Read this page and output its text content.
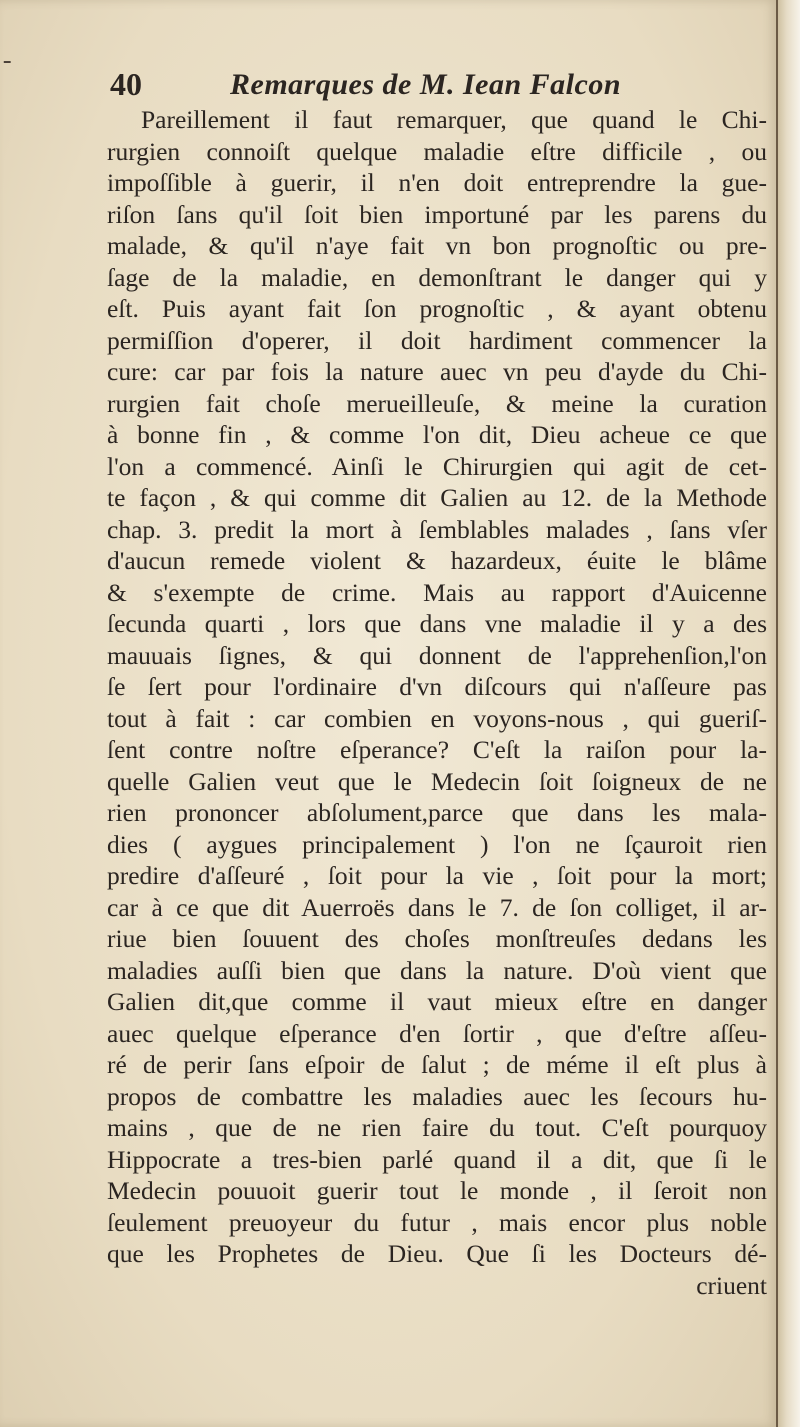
ـ
40	Remarques de M. Iean Falcon
Pareillement il faut remarquer, que quand le Chi-
rurgien connoiſt quelque maladie eſtre difficile , ou
impoſſible à guerir, il n'en doit entreprendre la gue-
riſon ſans qu'il ſoit bien importuné par les parens du
malade, & qu'il n'aye fait vn bon prognoſtic ou pre-
ſage de la maladie, en demonſtrant le danger qui y
eſt. Puis ayant fait ſon prognoſtic , & ayant obtenu
permiſſion d'operer, il doit hardiment commencer la
cure: car par fois la nature auec vn peu d'ayde du Chi-
rurgien fait choſe merueilleuſe, & meine la curation
à bonne fin , & comme l'on dit, Dieu acheue ce que
l'on a commencé. Ainſi le Chirurgien qui agit de cet-
te façon , & qui comme dit Galien au 12. de la Methode
chap. 3. predit la mort à ſemblables malades , ſans vſer
d'aucun remede violent & hazardeux, éuite le blâme
& s'exempte de crime. Mais au rapport d'Auicenne
ſecunda quarti , lors que dans vne maladie il y a des
mauuais ſignes, & qui donnent de l'apprehenſion,l'on
ſe ſert pour l'ordinaire d'vn diſcours qui n'aſſeure pas
tout à fait : car combien en voyons-nous , qui gueriſ-
ſent contre noſtre eſperance? C'eſt la raiſon pour la-
quelle Galien veut que le Medecin ſoit ſoigneux de ne
rien prononcer abſolument,parce que dans les mala-
dies ( aygues principalement ) l'on ne ſçauroit rien
predire d'aſſeuré , ſoit pour la vie , ſoit pour la mort;
car à ce que dit Auerroës dans le 7. de ſon colliget, il ar-
riue bien ſouuent des choſes monſtreuſes dedans les
maladies auſſi bien que dans la nature. D'où vient que
Galien dit,que comme il vaut mieux eſtre en danger
auec quelque eſperance d'en ſortir , que d'eſtre aſſeu-
ré de perir ſans eſpoir de ſalut ; de méme il eſt plus à
propos de combattre les maladies auec les ſecours hu-
mains , que de ne rien faire du tout. C'eſt pourquoy
Hippocrate a tres-bien parlé quand il a dit, que ſi le
Medecin pouuoit guerir tout le monde , il ſeroit non
ſeulement preuoyeur du futur , mais encor plus noble
que les Prophetes de Dieu. Que ſi les Docteurs dé-
criuent
